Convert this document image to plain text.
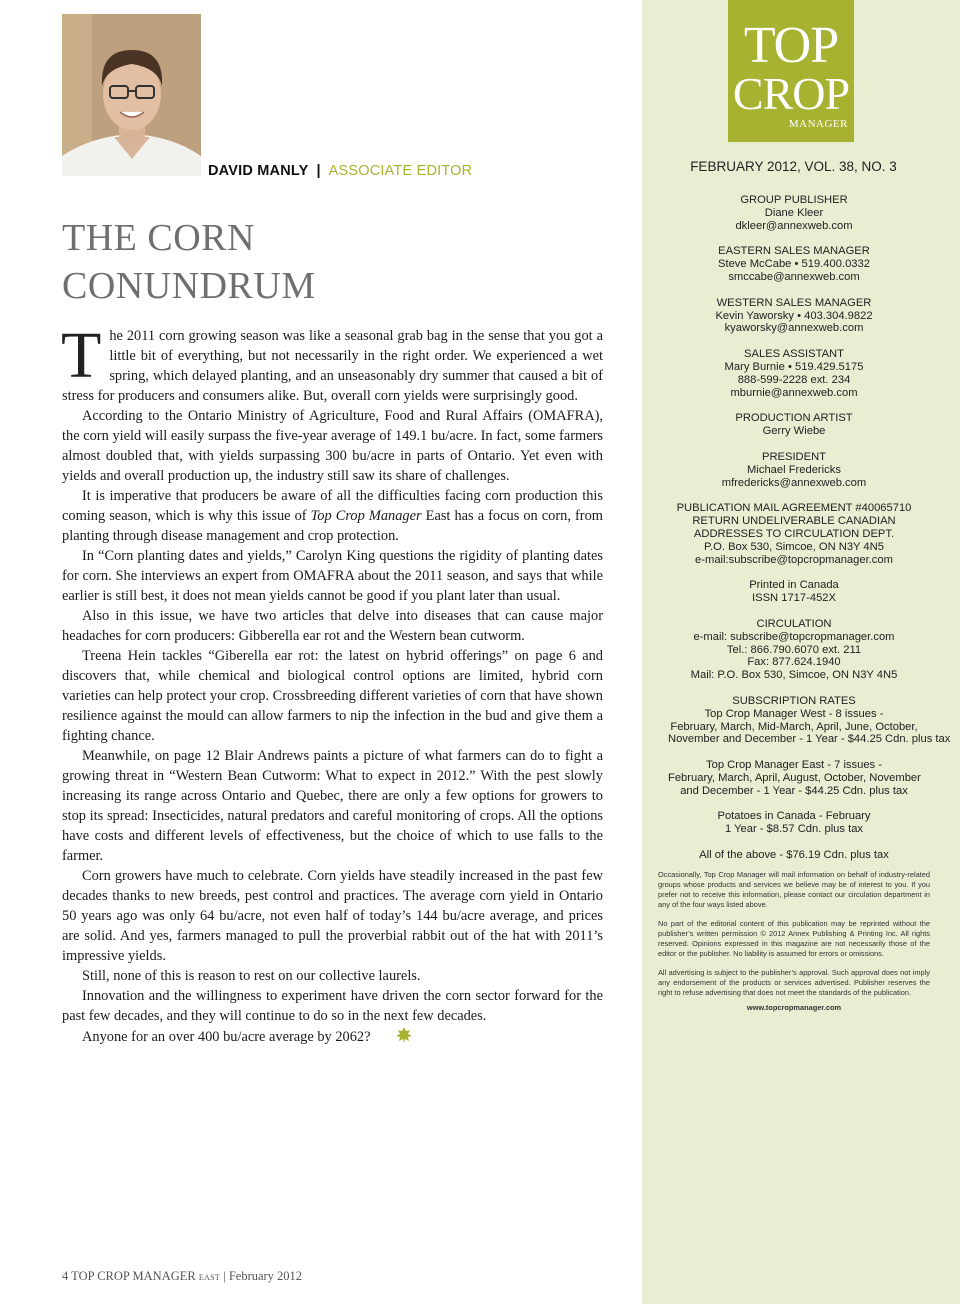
DAVID MANLY | ASSOCIATE EDITOR
THE CORN
CONUNDRUM

The 2011 corn growing season was like a seasonal grab bag in the sense that you got a little bit of everything, but not necessarily in the right order. We experienced a wet spring, which delayed planting, and an unseasonably dry summer that caused a bit of stress for producers and consumers alike. But, overall corn yields were surprisingly good.

According to the Ontario Ministry of Agriculture, Food and Rural Affairs (OMAFRA), the corn yield will easily surpass the five-year average of 149.1 bu/acre. In fact, some farmers almost doubled that, with yields surpassing 300 bu/acre in parts of Ontario. Yet even with yields and overall production up, the industry still saw its share of challenges.

It is imperative that producers be aware of all the difficulties facing corn production this coming season, which is why this issue of Top Crop Manager East has a focus on corn, from planting through disease management and crop protection.

In “Corn planting dates and yields,” Carolyn King questions the rigidity of planting dates for corn. She interviews an expert from OMAFRA about the 2011 season, and says that while earlier is still best, it does not mean yields cannot be good if you plant later than usual.

Also in this issue, we have two articles that delve into diseases that can cause major headaches for corn producers: Gibberella ear rot and the Western bean cutworm.

Treena Hein tackles “Giberella ear rot: the latest on hybrid offerings” on page 6 and discovers that, while chemical and biological control options are limited, hybrid corn varieties can help protect your crop. Crossbreeding different varieties of corn that have shown resilience against the mould can allow farmers to nip the infection in the bud and give them a fighting chance.

Meanwhile, on page 12 Blair Andrews paints a picture of what farmers can do to fight a growing threat in “Western Bean Cutworm: What to expect in 2012.” With the pest slowly increasing its range across Ontario and Quebec, there are only a few options for growers to stop its spread: Insecticides, natural predators and careful monitoring of crops. All the options have costs and different levels of effectiveness, but the choice of which to use falls to the farmer.

Corn growers have much to celebrate. Corn yields have steadily increased in the past few decades thanks to new breeds, pest control and practices. The average corn yield in Ontario 50 years ago was only 64 bu/acre, not even half of today’s 144 bu/acre average, and prices are solid. And yes, farmers managed to pull the proverbial rabbit out of the hat with 2011’s impressive yields.

Still, none of this is reason to rest on our collective laurels.

Innovation and the willingness to experiment have driven the corn sector forward for the past few decades, and they will continue to do so in the next few decades.

Anyone for an over 400 bu/acre average by 2062?

4 TOP CROP MANAGER EAST | February 2012
TOP
CROP
MANAGER
FEBRUARY 2012, VOL. 38, NO. 3
GROUP PUBLISHER
Diane Kleer
dkleer@annexweb.com
EASTERN SALES MANAGER
Steve McCabe • 519.400.0332
smccabe@annexweb.com
WESTERN SALES MANAGER
Kevin Yaworsky • 403.304.9822
kyaworsky@annexweb.com
SALES ASSISTANT
Mary Burnie • 519.429.5175
888-599-2228 ext. 234
mburnie@annexweb.com
PRODUCTION ARTIST
Gerry Wiebe
PRESIDENT
Michael Fredericks
mfredericks@annexweb.com
PUBLICATION MAIL AGREEMENT #40065710
RETURN UNDELIVERABLE CANADIAN
ADDRESSES TO CIRCULATION DEPT.
P.O. Box 530, Simcoe, ON N3Y 4N5
e-mail:subscribe@topcropmanager.com
Printed in Canada
ISSN 1717-452X
CIRCULATION
e-mail: subscribe@topcropmanager.com
Tel.: 866.790.6070 ext. 211
Fax: 877.624.1940
Mail: P.O. Box 530, Simcoe, ON N3Y 4N5
SUBSCRIPTION RATES
Top Crop Manager West - 8 issues -
February, March, Mid-March, April, June, October,
November and December - 1 Year - $44.25 Cdn. plus tax
Top Crop Manager East - 7 issues -
February, March, April, August, October, November
and December - 1 Year - $44.25 Cdn. plus tax
Potatoes in Canada - February
1 Year - $8.57 Cdn. plus tax
All of the above - $76.19 Cdn. plus tax

Occasionally, Top Crop Manager will mail information on behalf of industry-related groups whose products and services we believe may be of interest to you. If you prefer not to receive this information, please contact our circulation department in any of the four ways listed above.

No part of the editorial content of this publication may be reprinted without the publisher’s written permission © 2012 Annex Publishing & Printing Inc. All rights reserved. Opinions expressed in this magazine are not necessarily those of the editor or the publisher. No liability is assumed for errors or omissions.

All advertising is subject to the publisher’s approval. Such approval does not imply any endorsement of the products or services advertised. Publisher reserves the right to refuse advertising that does not meet the standards of the publication.

www.topcropmanager.com
